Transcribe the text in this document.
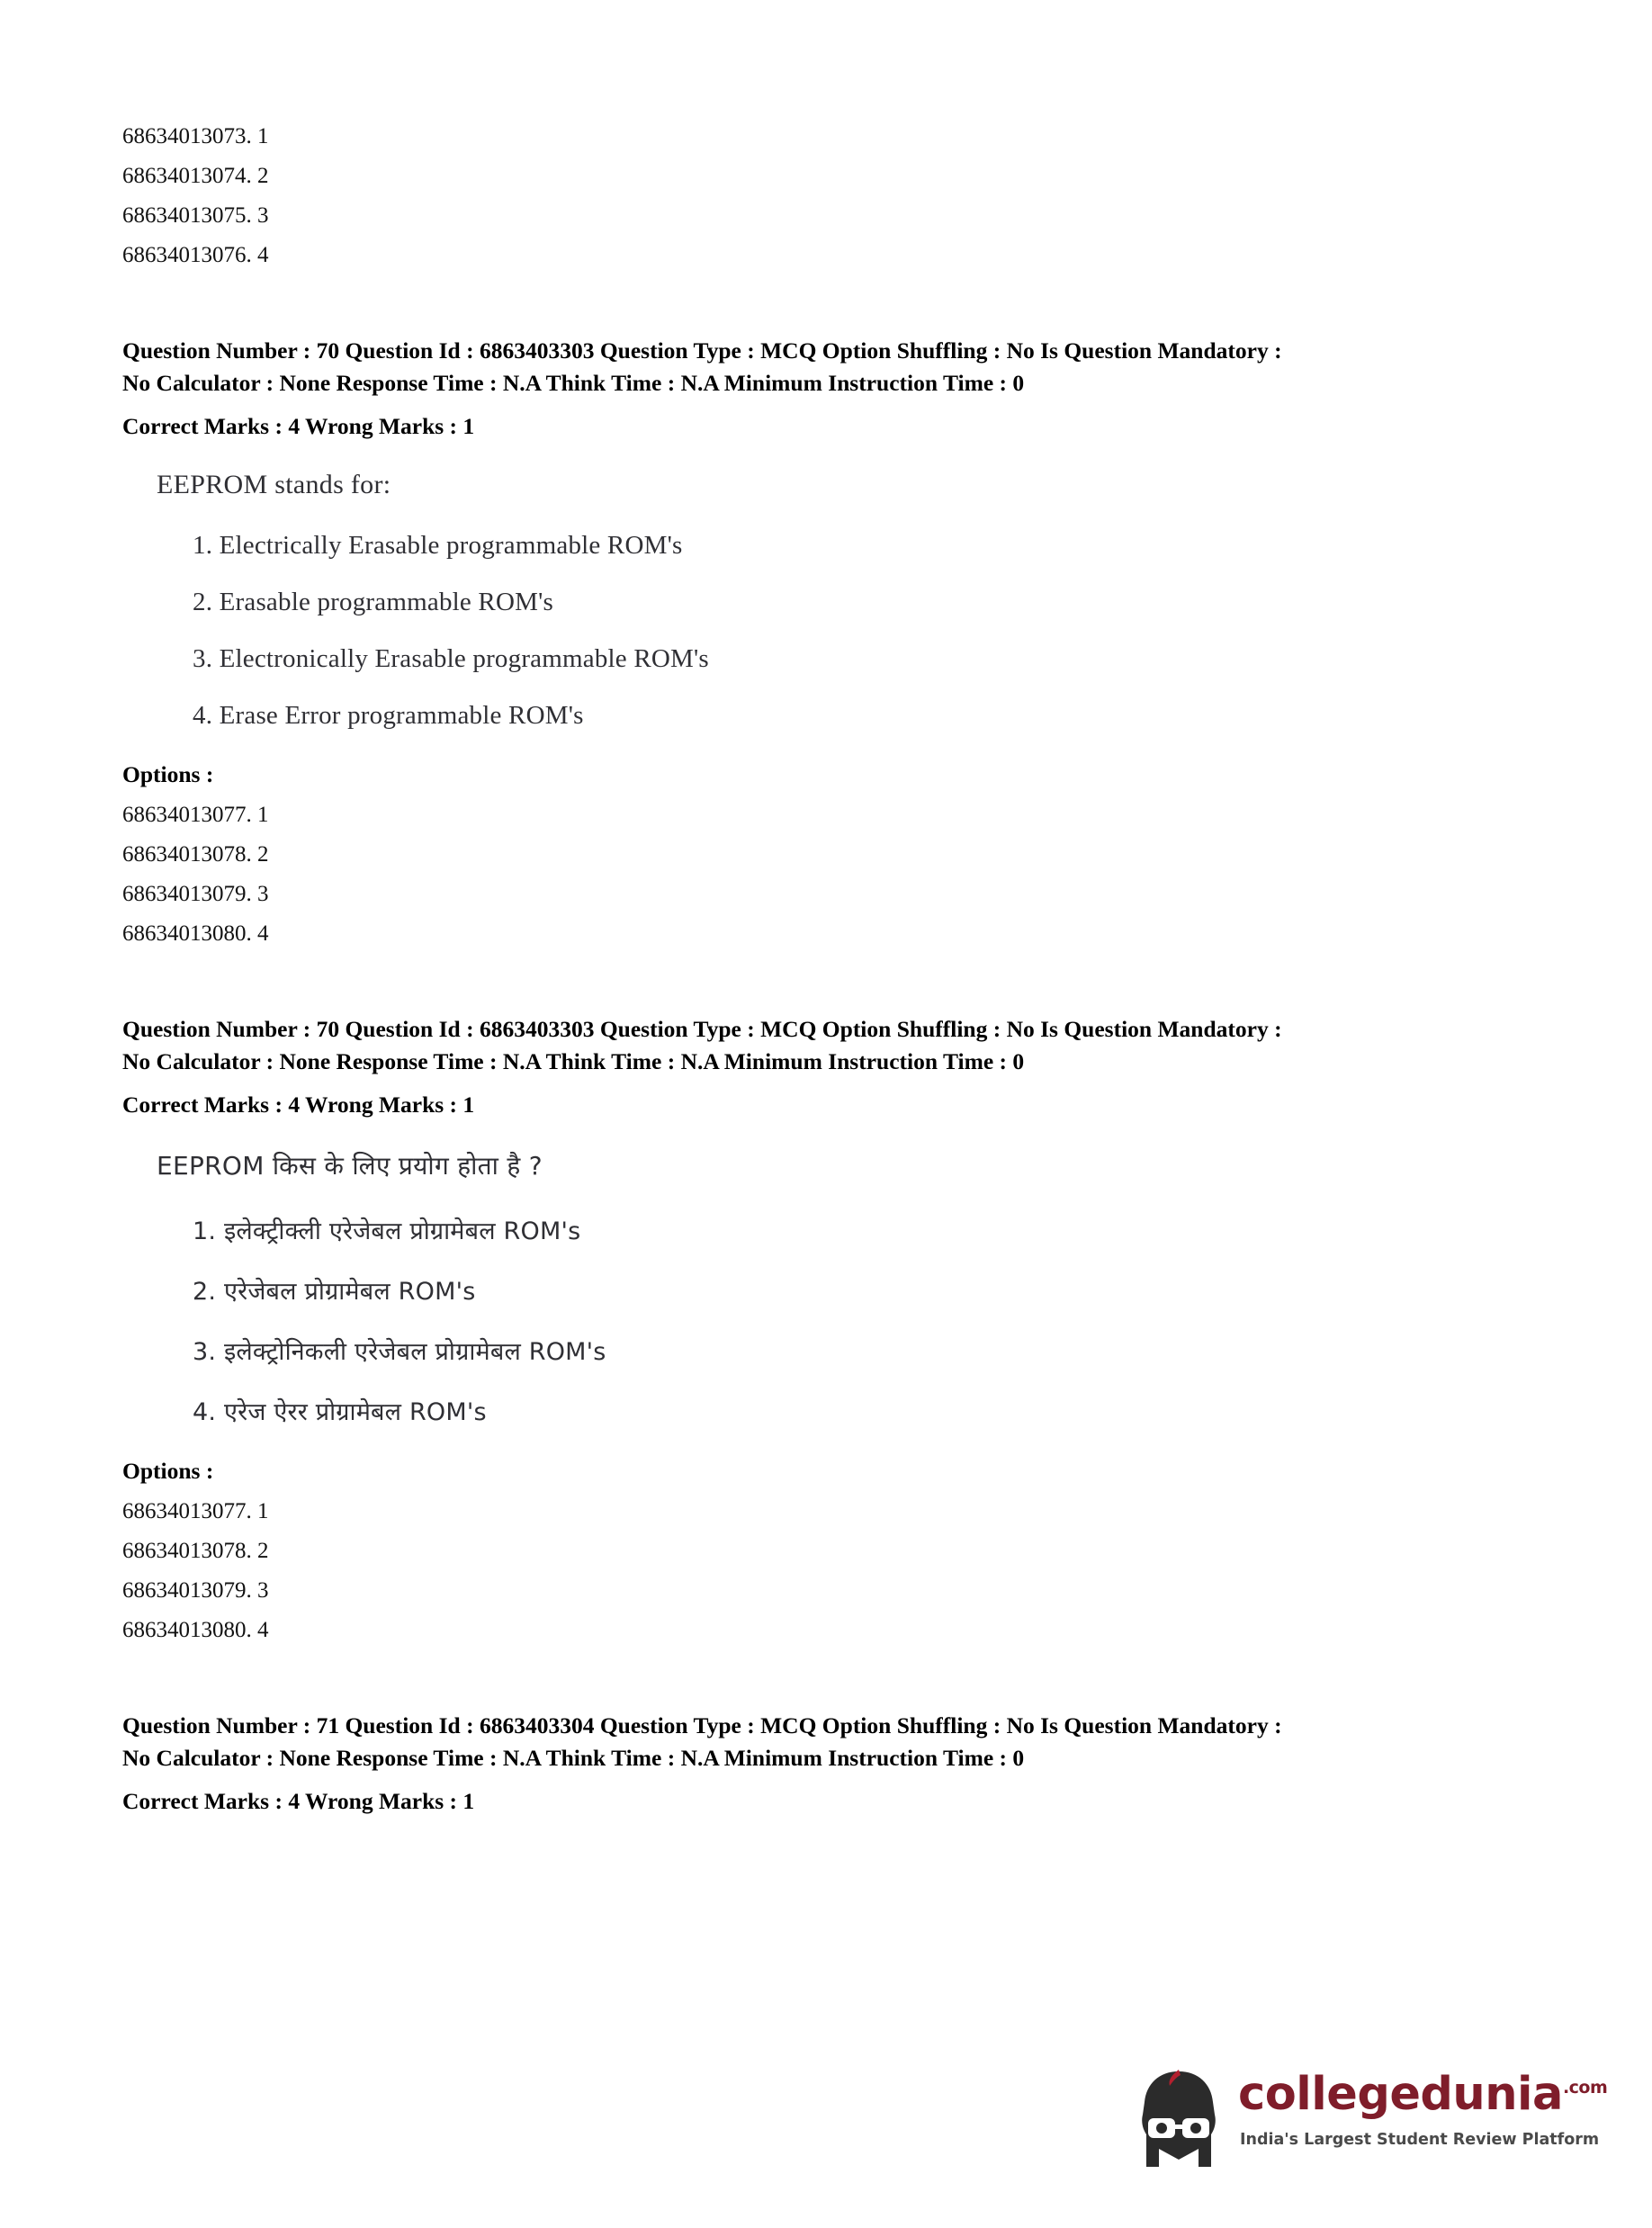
68634013073. 1
68634013074. 2
68634013075. 3
68634013076. 4
Question Number : 70 Question Id : 6863403303 Question Type : MCQ Option Shuffling : No Is Question Mandatory :
No Calculator : None Response Time : N.A Think Time : N.A Minimum Instruction Time : 0
Correct Marks : 4 Wrong Marks : 1
EEPROM stands for:
1. Electrically Erasable programmable ROM's
2. Erasable programmable ROM's
3. Electronically Erasable programmable ROM's
4. Erase Error programmable ROM's
Options :
68634013077. 1
68634013078. 2
68634013079. 3
68634013080. 4
Question Number : 70 Question Id : 6863403303 Question Type : MCQ Option Shuffling : No Is Question Mandatory :
No Calculator : None Response Time : N.A Think Time : N.A Minimum Instruction Time : 0
Correct Marks : 4 Wrong Marks : 1
EEPROM किस के लिए प्रयोग होता है ?
1. इलेक्ट्रीक्ली एरेजेबल प्रोग्रामेबल ROM's
2. एरेजेबल प्रोग्रामेबल ROM's
3. इलेक्ट्रोनिकली एरेजेबल प्रोग्रामेबल ROM's
4. एरेज ऐरर प्रोग्रामेबल ROM's
Options :
68634013077. 1
68634013078. 2
68634013079. 3
68634013080. 4
Question Number : 71 Question Id : 6863403304 Question Type : MCQ Option Shuffling : No Is Question Mandatory :
No Calculator : None Response Time : N.A Think Time : N.A Minimum Instruction Time : 0
Correct Marks : 4 Wrong Marks : 1
collegedunia$^{.com}$
India's Largest Student Review Platform
